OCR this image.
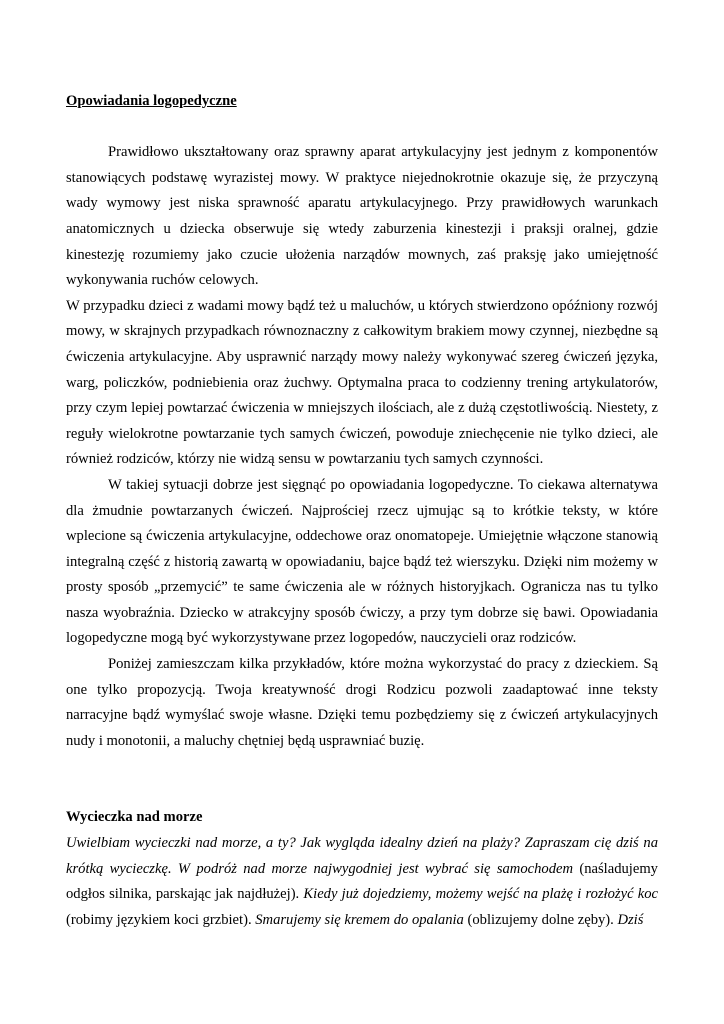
Opowiadania logopedyczne

Prawidłowo ukształtowany oraz sprawny aparat artykulacyjny jest jednym z komponentów stanowiących podstawę wyrazistej mowy. W praktyce niejednokrotnie okazuje się, że przyczyną wady wymowy jest niska sprawność aparatu artykulacyjnego. Przy prawidłowych warunkach anatomicznych u dziecka obserwuje się wtedy zaburzenia kinestezji i praksji oralnej, gdzie kinestezję rozumiemy jako czucie ułożenia narządów mownych, zaś praksję jako umiejętność wykonywania ruchów celowych.

W przypadku dzieci z wadami mowy bądź też u maluchów, u których stwierdzono opóźniony rozwój mowy, w skrajnych przypadkach równoznaczny z całkowitym brakiem mowy czynnej, niezbędne są ćwiczenia artykulacyjne. Aby usprawnić narządy mowy należy wykonywać szereg ćwiczeń języka, warg, policzków, podniebienia oraz żuchwy. Optymalna praca to codzienny trening artykulatorów, przy czym lepiej powtarzać ćwiczenia w mniejszych ilościach, ale z dużą częstotliwością. Niestety, z reguły wielokrotne powtarzanie tych samych ćwiczeń, powoduje zniechęcenie nie tylko dzieci, ale również rodziców, którzy nie widzą sensu w powtarzaniu tych samych czynności.

W takiej sytuacji dobrze jest sięgnąć po opowiadania logopedyczne. To ciekawa alternatywa dla żmudnie powtarzanych ćwiczeń. Najprościej rzecz ujmując są to krótkie teksty, w które wplecione są ćwiczenia artykulacyjne, oddechowe oraz onomatopeje. Umiejętnie włączone stanowią integralną część z historią zawartą w opowiadaniu, bajce bądź też wierszyku. Dzięki nim możemy w prosty sposób „przemycić” te same ćwiczenia ale w różnych historyjkach. Ogranicza nas tu tylko nasza wyobraźnia. Dziecko w atrakcyjny sposób ćwiczy, a przy tym dobrze się bawi. Opowiadania logopedyczne mogą być wykorzystywane przez logopedów, nauczycieli oraz rodziców.

Poniżej zamieszczam kilka przykładów, które można wykorzystać do pracy z dzieckiem. Są one tylko propozycją. Twoja kreatywność drogi Rodzicu pozwoli zaadaptować inne teksty narracyjne bądź wymyślać swoje własne. Dzięki temu pozbędziemy się z ćwiczeń artykulacyjnych nudy i monotonii, a maluchy chętniej będą usprawniać buzię.

Wycieczka nad morze

Uwielbiam wycieczki nad morze, a ty? Jak wygląda idealny dzień na plaży? Zapraszam cię dziś na krótką wycieczkę. W podróż nad morze najwygodniej jest wybrać się samochodem (naśladujemy odgłos silnika, parskając jak najdłużej). Kiedy już dojedziemy, możemy wejść na plażę i rozłożyć koc (robimy językiem koci grzbiet). Smarujemy się kremem do opalania (oblizujemy dolne zęby). Dziś
